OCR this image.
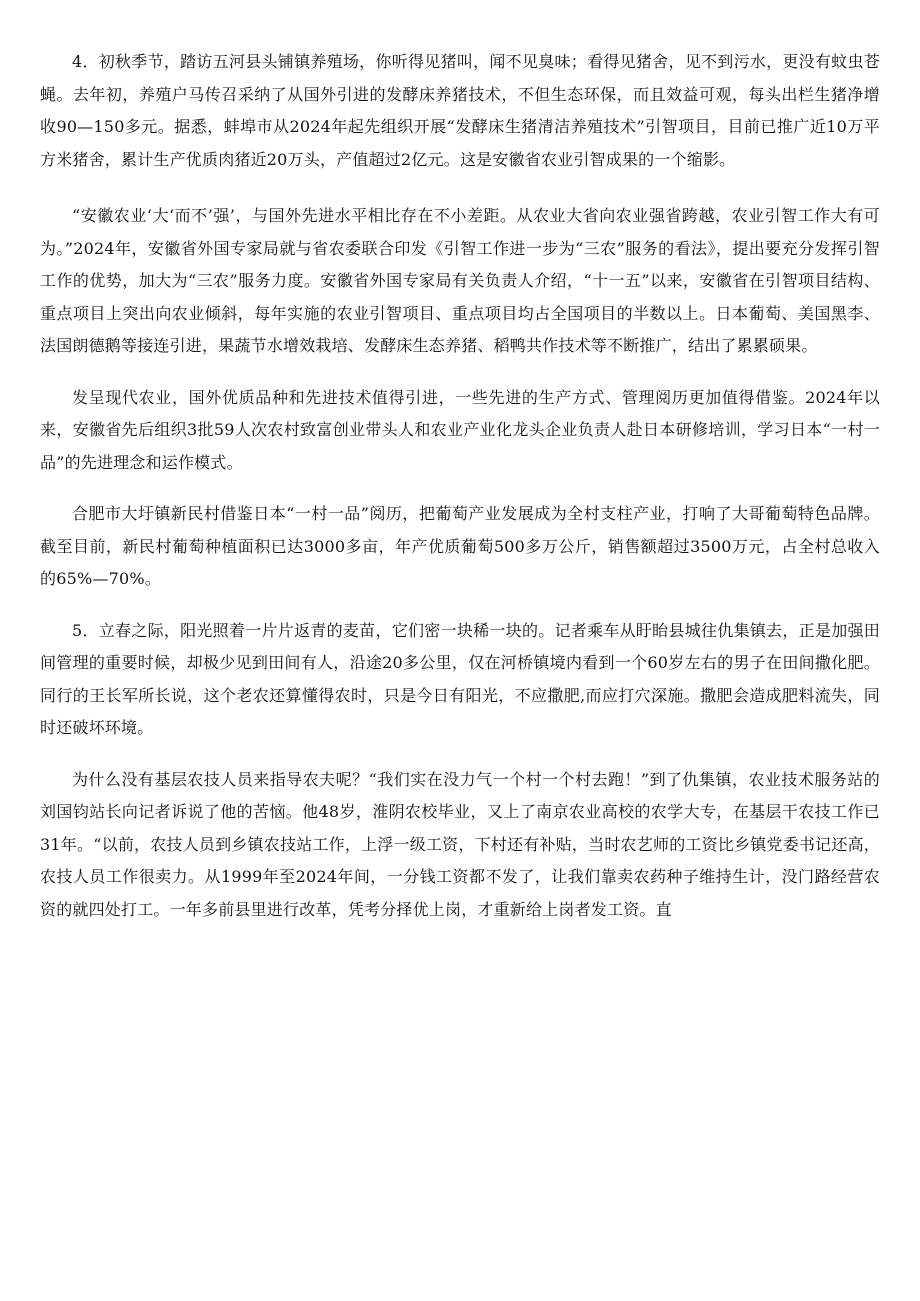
4．初秋季节，踏访五河县头铺镇养殖场，你听得见猪叫，闻不见臭味；看得见猪舍，见不到污水，更没有蚊虫苍蝇。去年初，养殖户马传召采纳了从国外引进的发酵床养猪技术，不但生态环保，而且效益可观，每头出栏生猪净增收90—150多元。据悉，蚌埠市从2024年起先组织开展“发酵床生猪清洁养殖技术”引智项目，目前已推广近10万平方米猪舍，累计生产优质肉猪近20万头，产值超过2亿元。这是安徽省农业引智成果的一个缩影。

“安徽农业‘大‘而不’强’，与国外先进水平相比存在不小差距。从农业大省向农业强省跨越，农业引智工作大有可为。”2024年，安徽省外国专家局就与省农委联合印发《引智工作进一步为“三农”服务的看法》，提出要充分发挥引智工作的优势，加大为“三农”服务力度。安徽省外国专家局有关负责人介绍，“十一五”以来，安徽省在引智项目结构、重点项目上突出向农业倾斜，每年实施的农业引智项目、重点项目均占全国项目的半数以上。日本葡萄、美国黑李、法国朗德鹅等接连引进，果蔬节水增效栽培、发酵床生态养猪、稻鸭共作技术等不断推广，结出了累累硕果。

发呈现代农业，国外优质品种和先进技术值得引进，一些先进的生产方式、管理阅历更加值得借鉴。2024年以来，安徽省先后组织3批59人次农村致富创业带头人和农业产业化龙头企业负责人赴日本研修培训，学习日本“一村一品”的先进理念和运作模式。

合肥市大圩镇新民村借鉴日本“一村一品”阅历，把葡萄产业发展成为全村支柱产业，打响了大哥葡萄特色品牌。截至目前，新民村葡萄种植面积已达3000多亩，年产优质葡萄500多万公斤，销售额超过3500万元，占全村总收入的65%—70%。

5．立春之际，阳光照着一片片返青的麦苗，它们密一块稀一块的。记者乘车从盱眙县城往仇集镇去，正是加强田间管理的重要时候，却极少见到田间有人，沿途20多公里，仅在河桥镇境内看到一个60岁左右的男子在田间撒化肥。同行的王长军所长说，这个老农还算懂得农时，只是今日有阳光，不应撒肥,而应打穴深施。撒肥会造成肥料流失，同时还破坏环境。

为什么没有基层农技人员来指导农夫呢？“我们实在没力气一个村一个村去跑！”到了仇集镇，农业技术服务站的刘国钧站长向记者诉说了他的苦恼。他48岁，淮阴农校毕业，又上了南京农业高校的农学大专，在基层干农技工作已31年。“以前，农技人员到乡镇农技站工作，上浮一级工资，下村还有补贴，当时农艺师的工资比乡镇党委书记还高，农技人员工作很卖力。从1999年至2024年间，一分钱工资都不发了，让我们靠卖农药种子维持生计，没门路经营农资的就四处打工。一年多前县里进行改革，凭考分择优上岗，才重新给上岗者发工资。直
